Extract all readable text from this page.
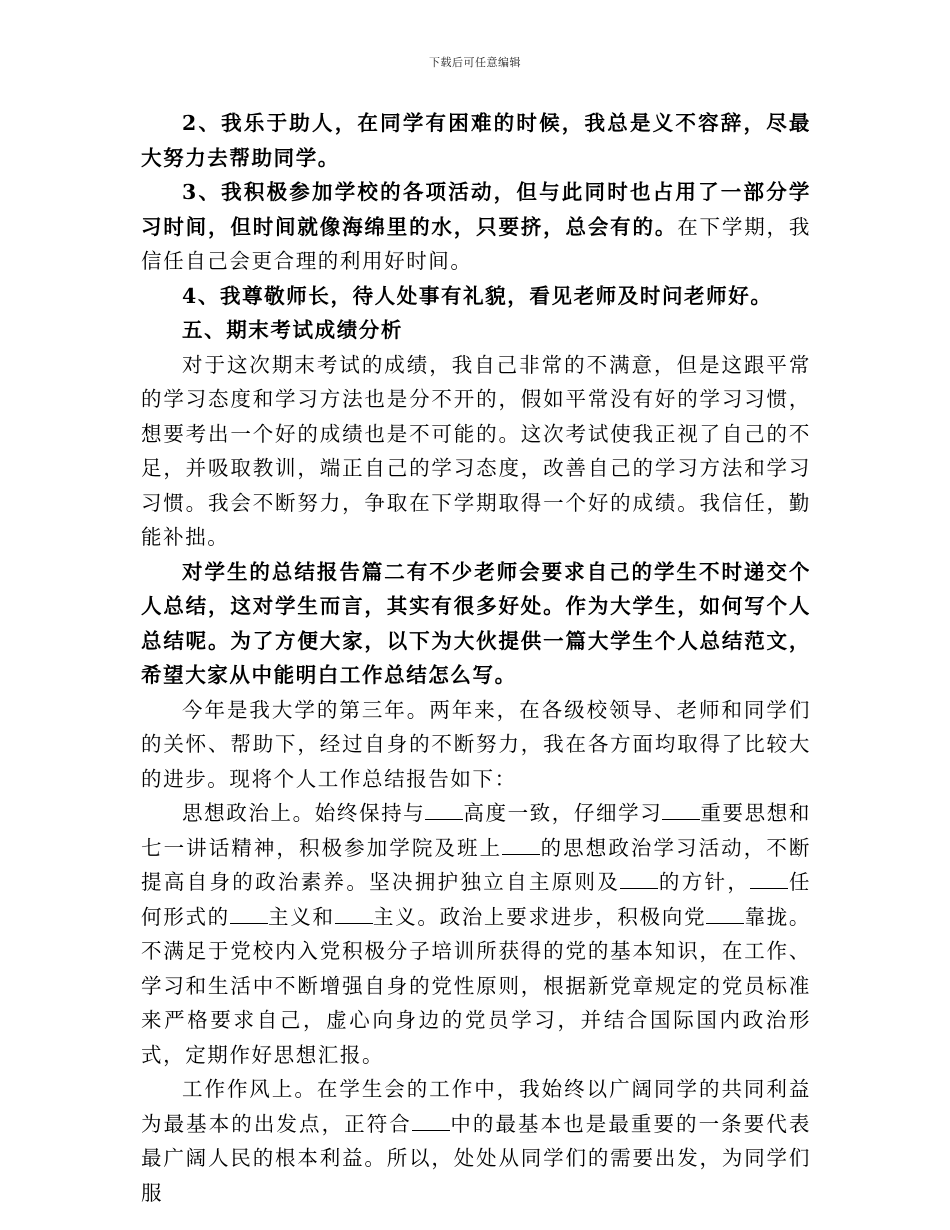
下载后可任意编辑

2、我乐于助人，在同学有困难的时候，我总是义不容辞，尽最大努力去帮助同学。

3、我积极参加学校的各项活动，但与此同时也占用了一部分学习时间，但时间就像海绵里的水，只要挤，总会有的。在下学期，我信任自己会更合理的利用好时间。

4、我尊敬师长，待人处事有礼貌，看见老师及时问老师好。

五、期末考试成绩分析

对于这次期末考试的成绩，我自己非常的不满意，但是这跟平常的学习态度和学习方法也是分不开的，假如平常没有好的学习习惯，想要考出一个好的成绩也是不可能的。这次考试使我正视了自己的不足，并吸取教训，端正自己的学习态度，改善自己的学习方法和学习习惯。我会不断努力，争取在下学期取得一个好的成绩。我信任，勤能补拙。

对学生的总结报告篇二有不少老师会要求自己的学生不时递交个人总结，这对学生而言，其实有很多好处。作为大学生，如何写个人总结呢。为了方便大家，以下为大伙提供一篇大学生个人总结范文，希望大家从中能明白工作总结怎么写。

今年是我大学的第三年。两年来，在各级校领导、老师和同学们的关怀、帮助下，经过自身的不断努力，我在各方面均取得了比较大的进步。现将个人工作总结报告如下：

思想政治上。始终保持与 高度一致，仔细学习 重要思想和七一讲话精神，积极参加学院及班上 的思想政治学习活动，不断提高自身的政治素养。坚决拥护独立自主原则及 的方针， 任何形式的 主义和 主义。政治上要求进步，积极向党 靠拢。不满足于党校内入党积极分子培训所获得的党的基本知识，在工作、学习和生活中不断增强自身的党性原则，根据新党章规定的党员标准来严格要求自己，虚心向身边的党员学习，并结合国际国内政治形式，定期作好思想汇报。

工作作风上。在学生会的工作中，我始终以广阔同学的共同利益为最基本的出发点，正符合 中的最基本也是最重要的一条要代表最广阔人民的根本利益。所以，处处从同学们的需要出发，为同学们服
